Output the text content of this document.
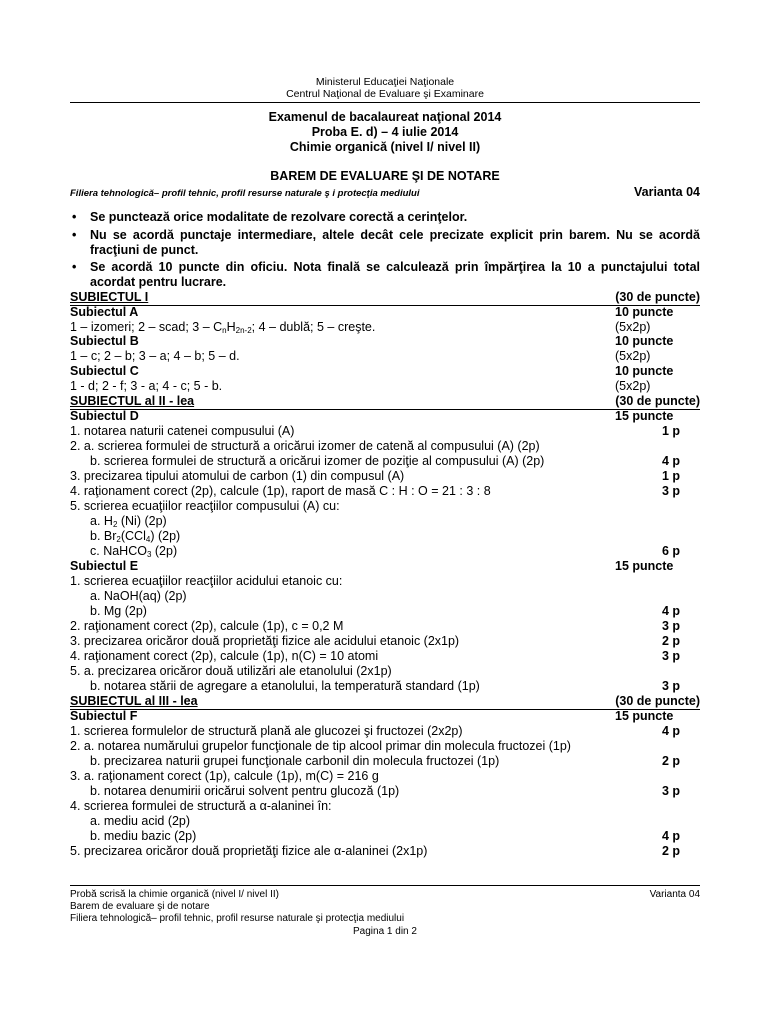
Ministerul Educaţiei Naţionale
Centrul Naţional de Evaluare şi Examinare
Examenul de bacalaureat naţional 2014
Proba E. d) – 4 iulie 2014
Chimie organică (nivel I/ nivel II)
BAREM DE EVALUARE ŞI DE NOTARE
Varianta 04
Filiera tehnologică– profil tehnic, profil resurse naturale ş i protecţia mediului
• Se punctează orice modalitate de rezolvare corectă a cerinţelor.
• Nu se acordă punctaje intermediare, altele decât cele precizate explicit prin barem. Nu se acordă fracţiuni de punct.
• Se acordă 10 puncte din oficiu. Nota finală se calculează prin împărţirea la 10 a punctajului total acordat pentru lucrare.
SUBIECTUL I	(30 de puncte)
Subiectul A	10 puncte
1 – izomeri; 2 – scad; $3 - C_nH_{2n-2}$; 4 – dublă; 5 – creşte.	(5x2p)
Subiectul B	10 puncte
1 – c; 2 – b; 3 – a; 4 – b; 5 – d.	(5x2p)
Subiectul C	10 puncte
1 - d; 2 - f; 3 - a; 4 - c; 5 - b.	(5x2p)
SUBIECTUL al II - lea	(30 de puncte)
Subiectul D	15 puncte
1. notarea naturii catenei compusului (A)	1 p
2. a. scrierea formulei de structură a oricărui izomer de catenă al compusului (A) (2p)
b. scrierea formulei de structură a oricărui izomer de poziţie al compusului (A) (2p)	4 p
3. precizarea tipului atomului de carbon (1) din compusul (A)	1 p
4. raţionament corect (2p), calcule (1p), raport de masă C : H : O = 21 : 3 : 8	3 p
5. scrierea ecuaţiilor reacţiilor compusului (A) cu:
a. $H_2$ (Ni) (2p)
b. $Br_2(CCl_4)$ (2p)
c. NaHCO$_3$ (2p)	6 p
Subiectul E	15 puncte
1. scrierea ecuaţiilor reacţiilor acidului etanoic cu:
a. NaOH(aq) (2p)
b. Mg (2p)	4 p
2. raţionament corect (2p), calcule (1p), c = 0,2 M	3 p
3. precizarea oricăror două proprietăţi fizice ale acidului etanoic (2x1p)	2 p
4. raţionament corect (2p), calcule (1p), n(C) = 10 atomi	3 p
5. a. precizarea oricăror două utilizări ale etanolului (2x1p)
b. notarea stării de agregare a etanolului, la temperatură standard (1p)	3 p
SUBIECTUL al III - lea	(30 de puncte)
Subiectul F	15 puncte
1. scrierea formulelor de structură plană ale glucozei şi fructozei (2x2p)	4 p
2. a. notarea numărului grupelor funcţionale de tip alcool primar din molecula fructozei (1p)
b. precizarea naturii grupei funcţionale carbonil din molecula fructozei (1p)	2 p
3. a. raţionament corect (1p), calcule (1p), m(C) = 216 g
b. notarea denumirii oricărui solvent pentru glucoză (1p)	3 p
4. scrierea formulei de structură a α-alaninei în:
a. mediu acid (2p)
b. mediu bazic (2p)	4 p
5. precizarea oricăror două proprietăţi fizice ale α-alaninei (2x1p)	2 p
Probă scrisă la chimie organică (nivel I/ nivel II)	Varianta 04
Barem de evaluare şi de notare
Filiera tehnologică– profil tehnic, profil resurse naturale şi protecţia mediului
Pagina 1 din 2
